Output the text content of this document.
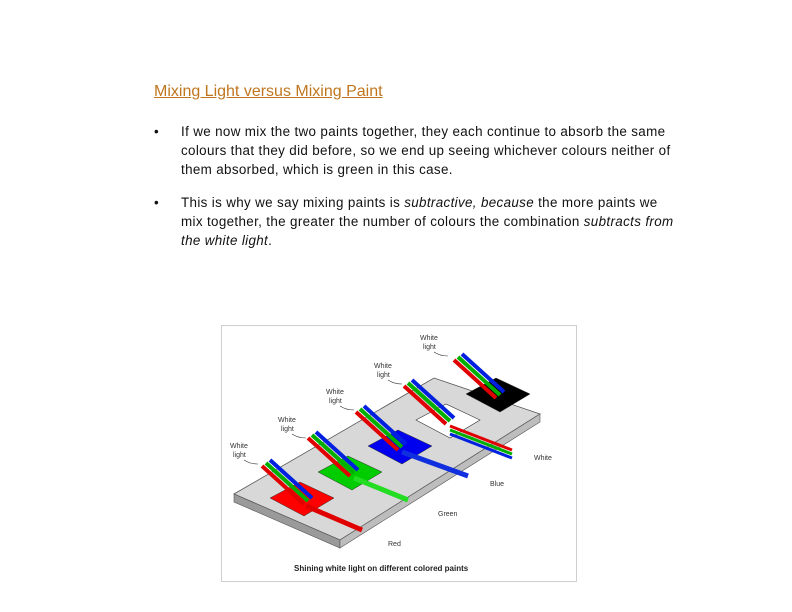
Mixing Light versus Mixing Paint
• If we now mix the two paints together, they each continue to absorb the same colours that they did before, so we end up seeing whichever colours neither of them absorbed, which is green in this case.
• This is why we say mixing paints is subtractive, because the more paints we mix together, the greater the number of colours the combination subtracts from the white light.
White
light
White
light
White
light
White
light
White
light
Red
Green
Blue
White
Shining white light on different colored paints
